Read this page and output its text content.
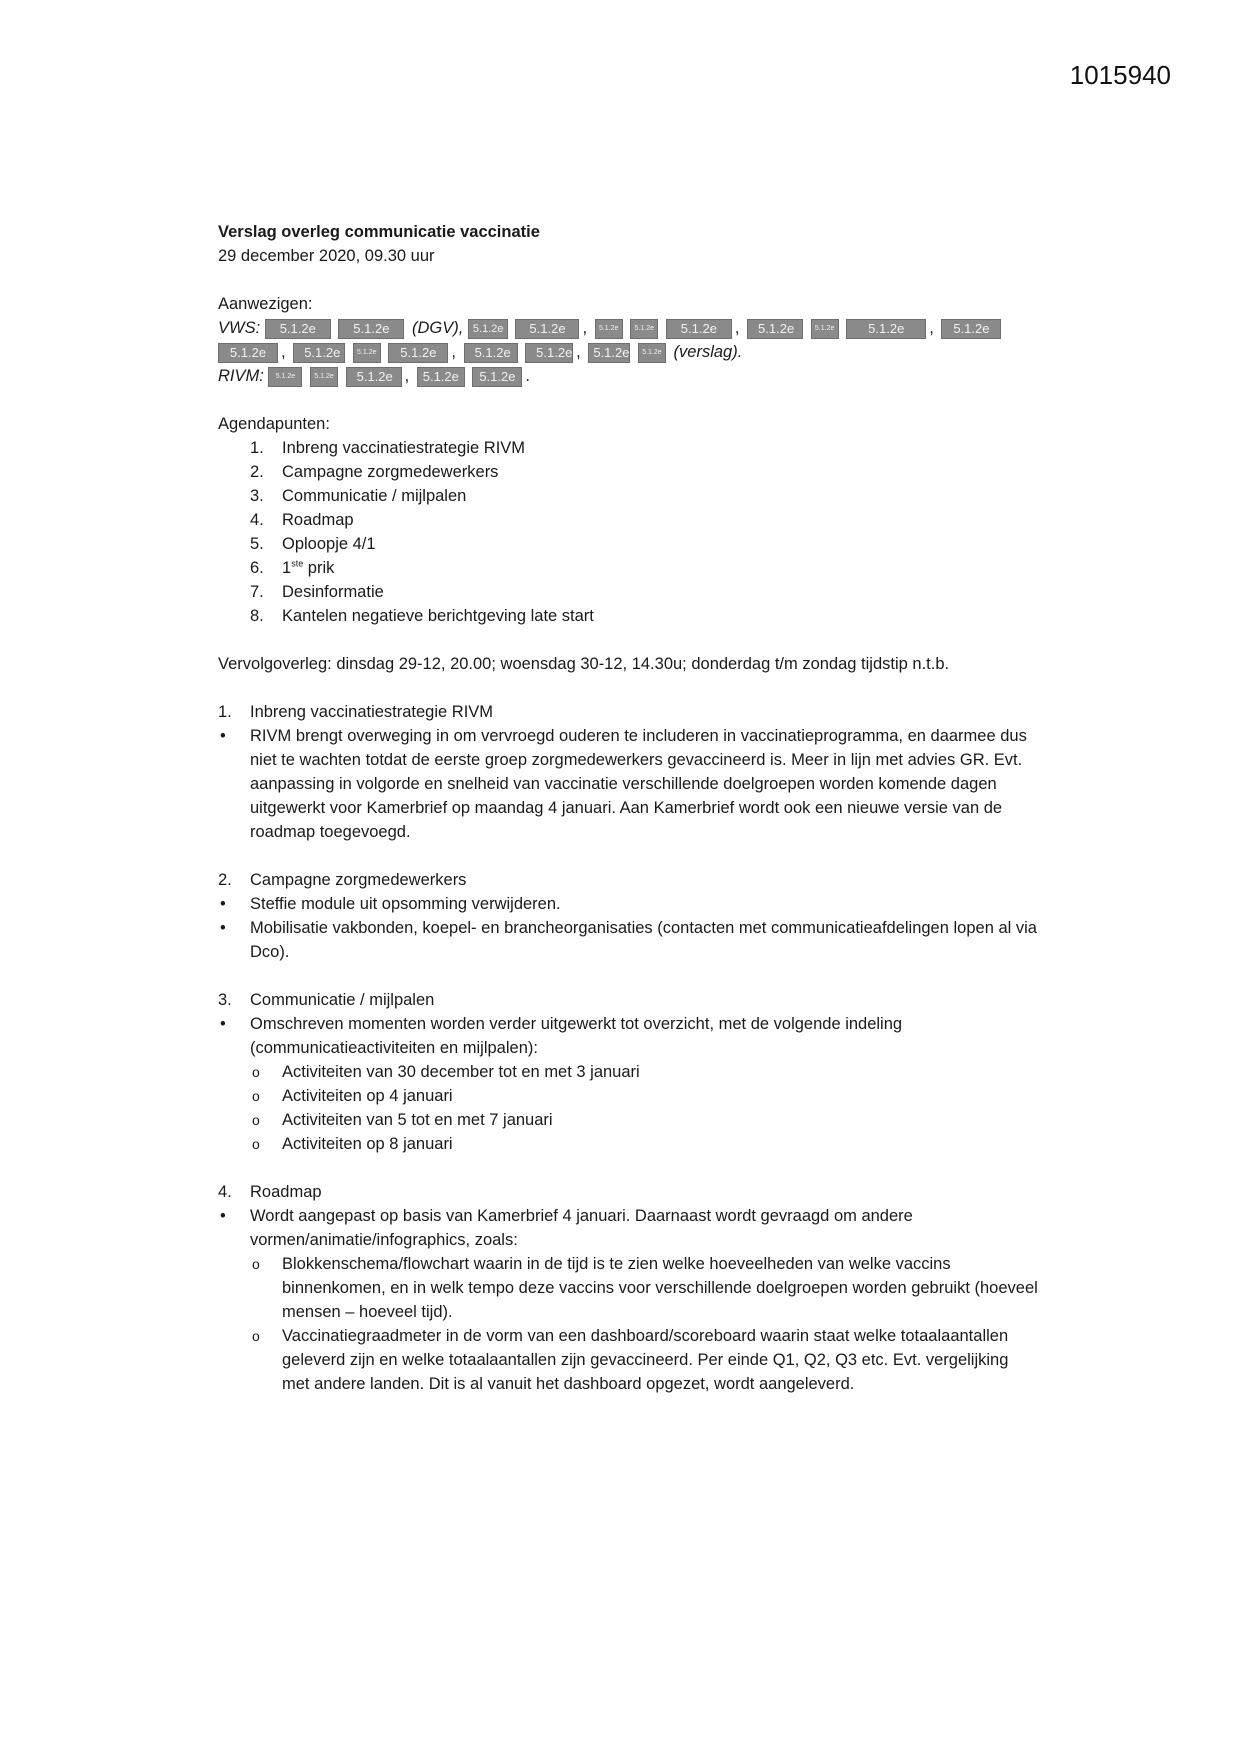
1015940
Verslag overleg communicatie vaccinatie
29 december 2020, 09.30 uur
Aanwezigen:
VWS: 5.1.2e	5.1.2e (DGV), 5.1.2e 5.1.2e , 5.1.2e 5.1.2e 5.1.2e , 5.1.2e	5.1.2e	5.1.2e , 5.1.2e
5.1.2e , 5.1.2e 5.1.2e 5.1.2e , 5.1.2e 5.1.2e , 5.1.2e 5.1.2e (verslag).
RIVM: 5.1.2e	5.1.2e 5.1.2e , 5.1.2e 5.1.2e .
Agendapunten:
1. Inbreng vaccinatiestrategie RIVM
2. Campagne zorgmedewerkers
3. Communicatie / mijlpalen
4. Roadmap
5. Oploopje 4/1
6. 1ste prik
7. Desinformatie
8. Kantelen negatieve berichtgeving late start
Vervolgoverleg: dinsdag 29-12, 20.00; woensdag 30-12, 14.30u; donderdag t/m zondag tijdstip n.t.b.
1. Inbreng vaccinatiestrategie RIVM
• RIVM brengt overweging in om vervroegd ouderen te includeren in vaccinatieprogramma, en daarmee dus niet te wachten totdat de eerste groep zorgmedewerkers gevaccineerd is. Meer in lijn met advies GR. Evt. aanpassing in volgorde en snelheid van vaccinatie verschillende doelgroepen worden komende dagen uitgewerkt voor Kamerbrief op maandag 4 januari. Aan Kamerbrief wordt ook een nieuwe versie van de roadmap toegevoegd.
2. Campagne zorgmedewerkers
• Steffie module uit opsomming verwijderen.
• Mobilisatie vakbonden, koepel- en brancheorganisaties (contacten met communicatieafdelingen lopen al via Dco).
3. Communicatie / mijlpalen
• Omschreven momenten worden verder uitgewerkt tot overzicht, met de volgende indeling (communicatieactiviteiten en mijlpalen):
o Activiteiten van 30 december tot en met 3 januari
o Activiteiten op 4 januari
o Activiteiten van 5 tot en met 7 januari
o Activiteiten op 8 januari
4. Roadmap
• Wordt aangepast op basis van Kamerbrief 4 januari. Daarnaast wordt gevraagd om andere vormen/animatie/infographics, zoals:
o Blokkenschema/flowchart waarin in de tijd is te zien welke hoeveelheden van welke vaccins binnenkomen, en in welk tempo deze vaccins voor verschillende doelgroepen worden gebruikt (hoeveel mensen – hoeveel tijd).
o Vaccinatiegraadmeter in de vorm van een dashboard/scoreboard waarin staat welke totaalaantallen geleverd zijn en welke totaalaantallen zijn gevaccineerd. Per einde Q1, Q2, Q3 etc. Evt. vergelijking met andere landen. Dit is al vanuit het dashboard opgezet, wordt aangeleverd.
